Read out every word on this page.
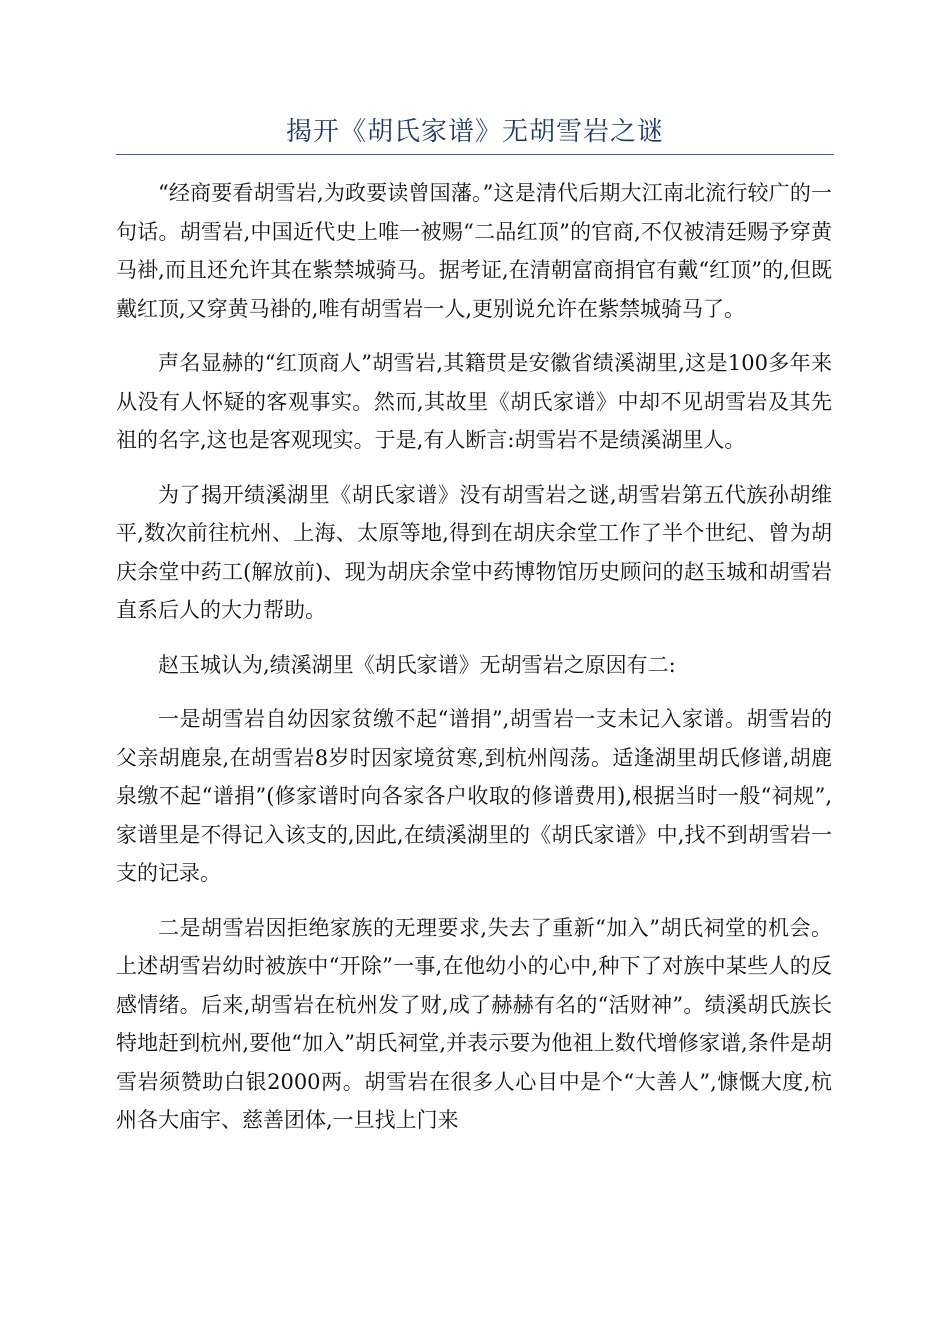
揭开《胡氏家谱》无胡雪岩之谜

“经商要看胡雪岩,为政要读曾国藩。”这是清代后期大江南北流行较广的一句话。胡雪岩,中国近代史上唯一被赐“二品红顶”的官商,不仅被清廷赐予穿黄马褂,而且还允许其在紫禁城骑马。据考证,在清朝富商捐官有戴“红顶”的,但既戴红顶,又穿黄马褂的,唯有胡雪岩一人,更别说允许在紫禁城骑马了。

声名显赫的“红顶商人”胡雪岩,其籍贯是安徽省绩溪湖里,这是100多年来从没有人怀疑的客观事实。然而,其故里《胡氏家谱》中却不见胡雪岩及其先祖的名字,这也是客观现实。于是,有人断言:胡雪岩不是绩溪湖里人。

为了揭开绩溪湖里《胡氏家谱》没有胡雪岩之谜,胡雪岩第五代族孙胡维平,数次前往杭州、上海、太原等地,得到在胡庆余堂工作了半个世纪、曾为胡庆余堂中药工(解放前)、现为胡庆余堂中药博物馆历史顾问的赵玉城和胡雪岩直系后人的大力帮助。

赵玉城认为,绩溪湖里《胡氏家谱》无胡雪岩之原因有二:

一是胡雪岩自幼因家贫缴不起“谱捐”,胡雪岩一支未记入家谱。胡雪岩的父亲胡鹿泉,在胡雪岩8岁时因家境贫寒,到杭州闯荡。适逢湖里胡氏修谱,胡鹿泉缴不起“谱捐”(修家谱时向各家各户收取的修谱费用),根据当时一般“祠规”,家谱里是不得记入该支的,因此,在绩溪湖里的《胡氏家谱》中,找不到胡雪岩一支的记录。

二是胡雪岩因拒绝家族的无理要求,失去了重新“加入”胡氏祠堂的机会。上述胡雪岩幼时被族中“开除”一事,在他幼小的心中,种下了对族中某些人的反感情绪。后来,胡雪岩在杭州发了财,成了赫赫有名的“活财神”。绩溪胡氏族长特地赶到杭州,要他“加入”胡氏祠堂,并表示要为他祖上数代增修家谱,条件是胡雪岩须赞助白银2000两。胡雪岩在很多人心目中是个“大善人”,慷慨大度,杭州各大庙宇、慈善团体,一旦找上门来
